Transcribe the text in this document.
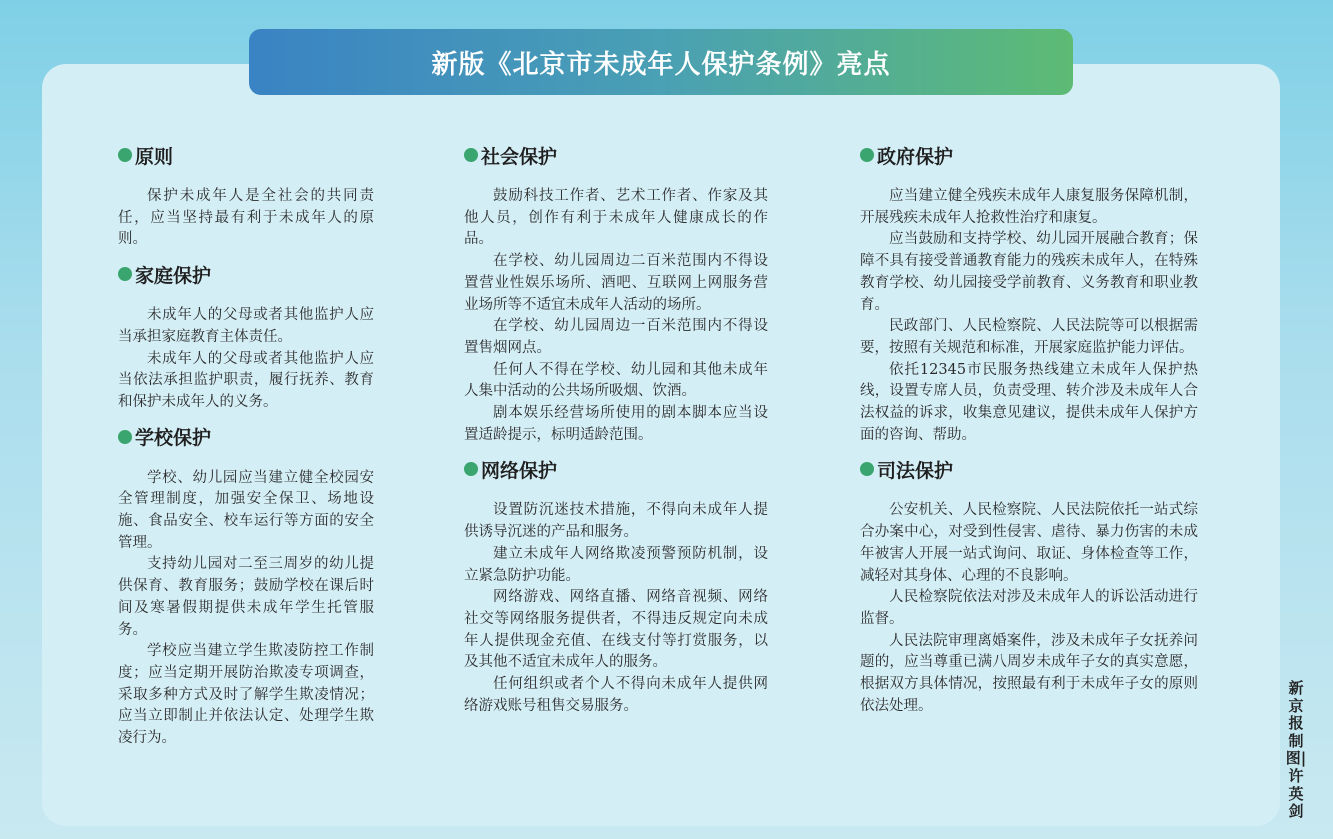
新版《北京市未成年人保护条例》亮点
原则

保护未成年人是全社会的共同责任，应当坚持最有利于未成年人的原则。

家庭保护

未成年人的父母或者其他监护人应当承担家庭教育主体责任。

未成年人的父母或者其他监护人应当依法承担监护职责，履行抚养、教育和保护未成年人的义务。

学校保护

学校、幼儿园应当建立健全校园安全管理制度，加强安全保卫、场地设施、食品安全、校车运行等方面的安全管理。

支持幼儿园对二至三周岁的幼儿提供保育、教育服务；鼓励学校在课后时间及寒暑假期提供未成年学生托管服务。

学校应当建立学生欺凌防控工作制度；应当定期开展防治欺凌专项调查，采取多种方式及时了解学生欺凌情况；应当立即制止并依法认定、处理学生欺凌行为。

社会保护

鼓励科技工作者、艺术工作者、作家及其他人员，创作有利于未成年人健康成长的作品。

在学校、幼儿园周边二百米范围内不得设置营业性娱乐场所、酒吧、互联网上网服务营业场所等不适宜未成年人活动的场所。

在学校、幼儿园周边一百米范围内不得设置售烟网点。

任何人不得在学校、幼儿园和其他未成年人集中活动的公共场所吸烟、饮酒。

剧本娱乐经营场所使用的剧本脚本应当设置适龄提示，标明适龄范围。

网络保护

设置防沉迷技术措施，不得向未成年人提供诱导沉迷的产品和服务。

建立未成年人网络欺凌预警预防机制，设立紧急防护功能。

网络游戏、网络直播、网络音视频、网络社交等网络服务提供者，不得违反规定向未成年人提供现金充值、在线支付等打赏服务，以及其他不适宜未成年人的服务。

任何组织或者个人不得向未成年人提供网络游戏账号租售交易服务。

政府保护

应当建立健全残疾未成年人康复服务保障机制，开展残疾未成年人抢救性治疗和康复。

应当鼓励和支持学校、幼儿园开展融合教育；保障不具有接受普通教育能力的残疾未成年人，在特殊教育学校、幼儿园接受学前教育、义务教育和职业教育。

民政部门、人民检察院、人民法院等可以根据需要，按照有关规范和标准，开展家庭监护能力评估。

依托12345市民服务热线建立未成年人保护热线，设置专席人员，负责受理、转介涉及未成年人合法权益的诉求，收集意见建议，提供未成年人保护方面的咨询、帮助。

司法保护

公安机关、人民检察院、人民法院依托一站式综合办案中心，对受到性侵害、虐待、暴力伤害的未成年被害人开展一站式询问、取证、身体检查等工作，减轻对其身体、心理的不良影响。

人民检察院依法对涉及未成年人的诉讼活动进行监督。

人民法院审理离婚案件，涉及未成年子女抚养问题的，应当尊重已满八周岁未成年子女的真实意愿，根据双方具体情况，按照最有利于未成年子女的原则依法处理。

新京报制图|许英剑
